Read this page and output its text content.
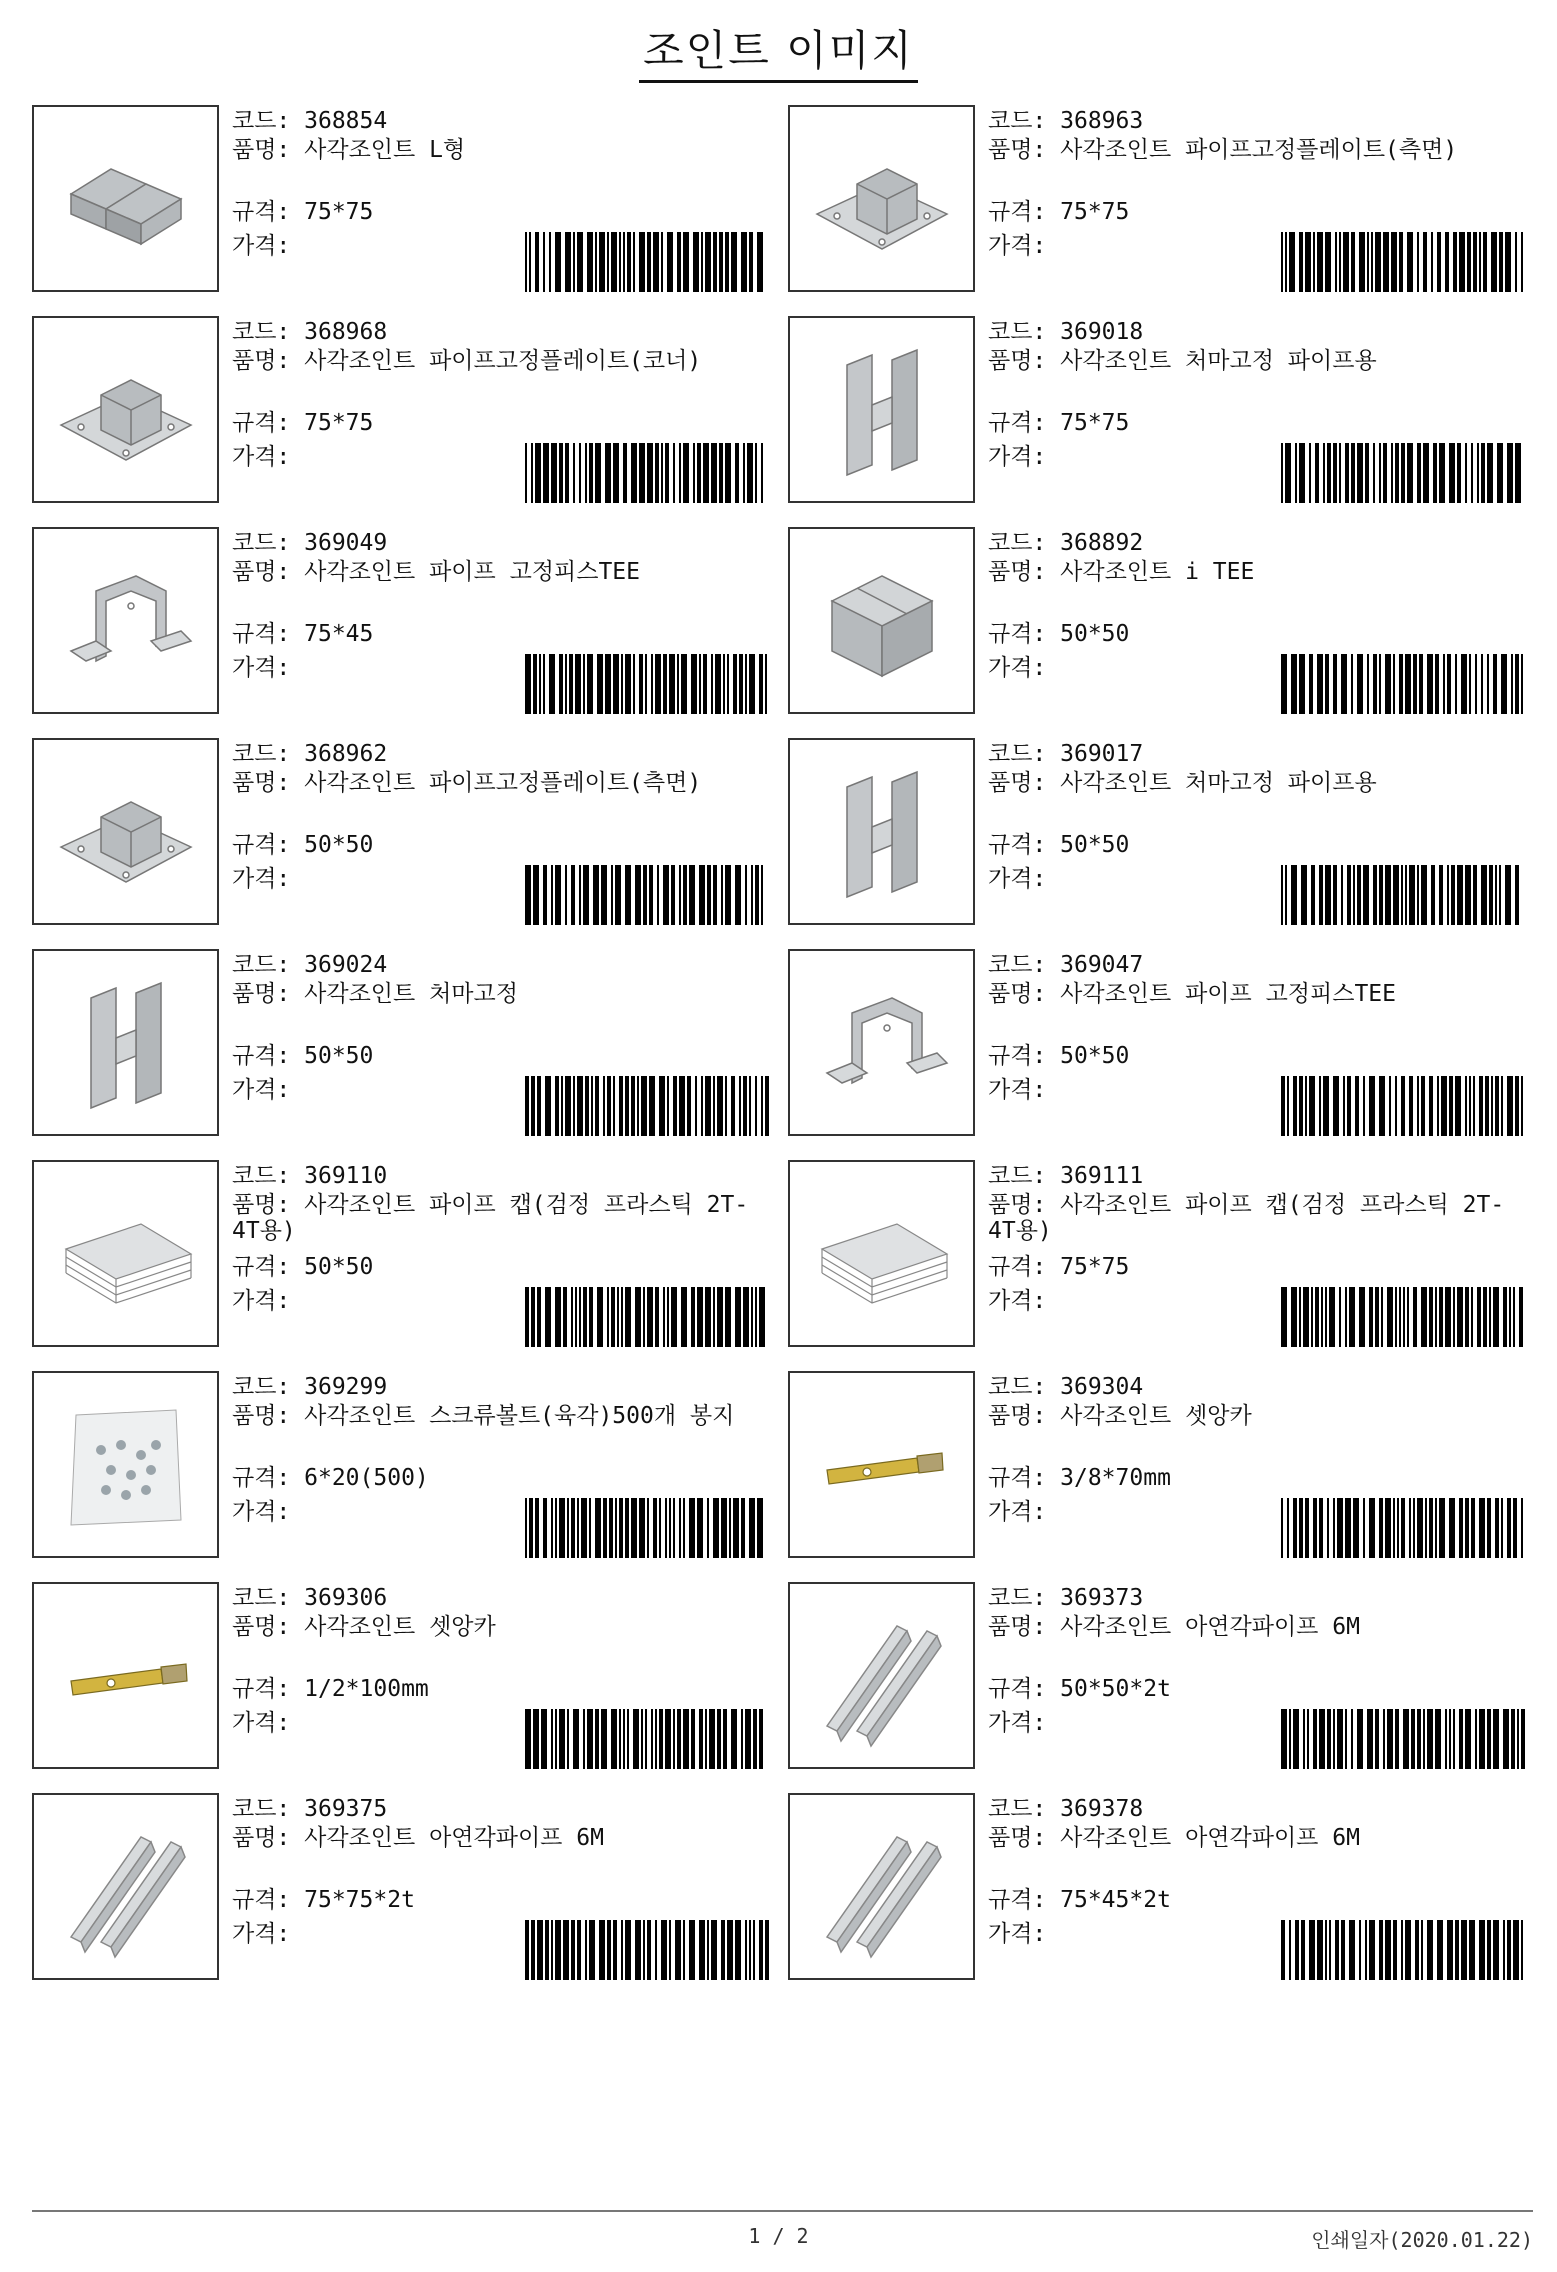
조인트 이미지
코드: 368854
품명: 사각조인트 L형
규격: 75*75
가격:
코드: 368963
품명: 사각조인트 파이프고정플레이트(측면)
규격: 75*75
가격:
코드: 368968
품명: 사각조인트 파이프고정플레이트(코너)
규격: 75*75
가격:
코드: 369018
품명: 사각조인트 처마고정 파이프용
규격: 75*75
가격:
코드: 369049
품명: 사각조인트 파이프 고정피스TEE
규격: 75*45
가격:
코드: 368892
품명: 사각조인트 i TEE
규격: 50*50
가격:
코드: 368962
품명: 사각조인트 파이프고정플레이트(측면)
규격: 50*50
가격:
코드: 369017
품명: 사각조인트 처마고정 파이프용
규격: 50*50
가격:
코드: 369024
품명: 사각조인트 처마고정
규격: 50*50
가격:
코드: 369047
품명: 사각조인트 파이프 고정피스TEE
규격: 50*50
가격:
코드: 369110
품명: 사각조인트 파이프 캡(검정 프라스틱 2T-4T용)
규격: 50*50
가격:
코드: 369111
품명: 사각조인트 파이프 캡(검정 프라스틱 2T-4T용)
규격: 75*75
가격:
코드: 369299
품명: 사각조인트 스크류볼트(육각)500개 봉지
규격: 6*20(500)
가격:
코드: 369304
품명: 사각조인트 셋앙카
규격: 3/8*70mm
가격:
코드: 369306
품명: 사각조인트 셋앙카
규격: 1/2*100mm
가격:
코드: 369373
품명: 사각조인트 아연각파이프 6M
규격: 50*50*2t
가격:
코드: 369375
품명: 사각조인트 아연각파이프 6M
규격: 75*75*2t
가격:
코드: 369378
품명: 사각조인트 아연각파이프 6M
규격: 75*45*2t
가격:
1 / 2	인쇄일자(2020.01.22)
